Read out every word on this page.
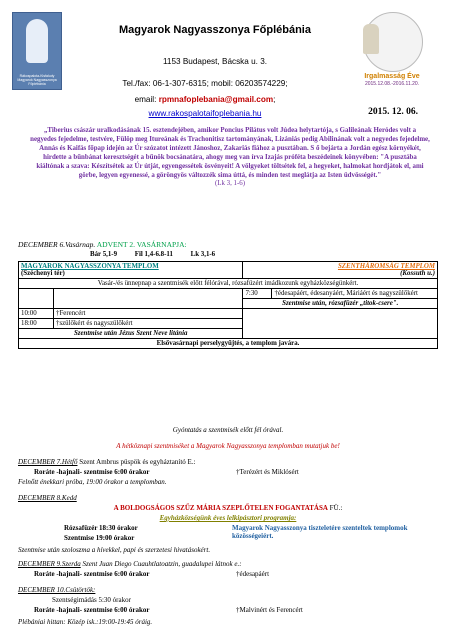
Rákospalota-Kisfaludy Magyarok Nagyasszonya Főplébánia
Magyarok Nagyasszonya Főplébánia
1153 Budapest, Bácska u. 3.
Tel./fax: 06-1-307-6315; mobil: 06203574229;
email: rpmnafoplebania@gmail.com;
www.rakospalotaifoplebania.hu
Irgalmasság Éve
2015.12.08.-2016.11.20.
2015. 12. 06.
„Tiberius császár uralkodásának 15. esztendejében, amikor Poncius Pilátus volt Júdea helytartója, s Galileának Heródes volt a negyedes fejedelme, testvére, Fülöp meg Itureának és Trachonitisz tartományának, Lizániás pedig Abilinának volt a negyedes fejedelme, Annás és Kaifás főpap idején az Úr szózatot intézett Jánoshoz, Zakariás fiához a pusztában. S ő bejárta a Jordán egész környékét, hirdette a bűnbánat keresztségét a bűnök bocsánatára, ahogy meg van írva Izajás próféta beszédeinek könyvében: "A pusztába kiáltónak a szava: Készítsétek az Úr útját, egyengessétek ösvényeit! A völgyeket töltsétek fel, a hegyeket, halmokat hordjátok el, ami görbe, legyen egyenessé, a göröngyös változzék sima úttá, és minden test meglátja az Isten üdvösségét."
(Lk 3, 1-6)
DECEMBER 6.Vasárnap. ADVENT 2. VASÁRNAPJA:
Bár 5,1-9	Fil 1,4-6.8-11	Lk 3,1-6
MAGYAROK NAGYASSZONYA TEMPLOM
(Széchenyi tér)		SZENTHÁROMSÁG TEMPLOM
(Kossuth u.)	
Vasár-/és ünnepnap a szentmisék előtt félórával, rózsafüzért imádkozunk egyházközségünkért.			
		7:30	†édesapáért, édesanyáért, Máriáért és nagyszülőkért
		Szentmise után, rózsafüzér „titok-csere".	
10:00	†Ferencért		
18:00	†szülőkért és nagyszülőkért		
Szentmise után Jézus Szent Neve litánia			
Elsővasárnapi perselygyűjtés, a templom javára.			
Gyóntatás a szentmisék előtt fél órával.
A hétköznapi szentmiséket a Magyarok Nagyasszonya templomban mutatjuk be!
DECEMBER 7.Hétfő Szent Ambrus püspök és egyháztanító E.:
Roráte -hajnali- szentmise 6:00 órakor	†Terézért és Miklósért
Felnőtt énekkari próba, 19:00 órakor a templomban.
DECEMBER 8.Kedd
A BOLDOGSÁGOS SZŰZ MÁRIA SZEPLŐTELEN FOGANTATÁSA FÜ.:
Egyházközségünk éves lelkipásztori programja:
Rózsafüzér 18:30 órakor
Szentmise 19:00 órakor
Magyarok Nagyasszonya tiszteletére szenteltek templomok közösségeiért.
Szentmise után szoloszma a hívekkel, papi és szerzetesi hivatásokért.
DECEMBER 9.Szerda Szent Juan Diego Cuauhtlatoatzin, guadalupei látnok e.:
Roráte -hajnali- szentmise 6:00 órakor	†édesapáért
DECEMBER 10.Csütörtök:
Szentségimádás 5:30 órakor
Roráte -hajnali- szentmise 6:00 órakor	†Malvinért és Ferencért
Plébániai hittan: Közép isk.:19:00-19:45 óráig.
